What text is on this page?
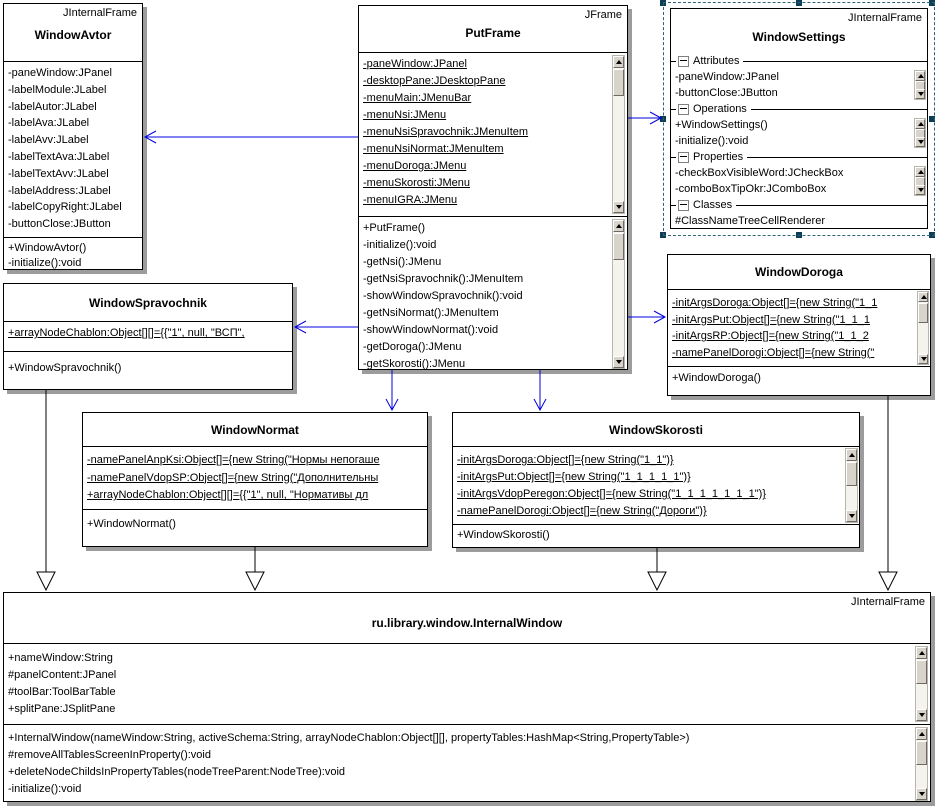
JInternalFrame
WindowAvtor
-paneWindow:JPanel
-labelModule:JLabel
-labelAutor:JLabel
-labelAva:JLabel
-labelAvv:JLabel
-labelTextAva:JLabel
-labelTextAvv:JLabel
-labelAddress:JLabel
-labelCopyRight:JLabel
-buttonClose:JButton
+WindowAvtor()
-initialize():void
JFrame
PutFrame
-paneWindow:JPanel
-desktopPane:JDesktopPane
-menuMain:JMenuBar
-menuNsi:JMenu
-menuNsiSpravochnik:JMenuItem
-menuNsiNormat:JMenuItem
-menuDoroga:JMenu
-menuSkorosti:JMenu
-menuIGRA:JMenu
+PutFrame()
-initialize():void
-getNsi():JMenu
-getNsiSpravochnik():JMenuItem
-showWindowSpravochnik():void
-getNsiNormat():JMenuItem
-showWindowNormat():void
-getDoroga():JMenu
-getSkorosti():JMenu
JInternalFrame
WindowSettings
Attributes
-paneWindow:JPanel
-buttonClose:JButton
Operations
+WindowSettings()
-initialize():void
Properties
-checkBoxVisibleWord:JCheckBox
-comboBoxTipOkr:JComboBox
Classes
#ClassNameTreeCellRenderer
WindowSpravochnik
+arrayNodeChablon:Object[][]={{"1", null, "ВСП",
+WindowSpravochnik()
WindowDoroga
-initArgsDoroga:Object[]={new String("1_1
-initArgsPut:Object[]={new String("1_1_1
-initArgsRP:Object[]={new String("1_1_2
-namePanelDorogi:Object[]={new String("
+WindowDoroga()
WindowNormat
-namePanelAnpKsi:Object[]={new String("Нормы непогаше
-namePanelVdopSP:Object[]={new String("Дополнительны
+arrayNodeChablon:Object[][]={{"1", null, "Нормативы дл
+WindowNormat()
WindowSkorosti
-initArgsDoroga:Object[]={new String("1_1")}
-initArgsPut:Object[]={new String("1_1_1_1_1")}
-initArgsVdopPeregon:Object[]={new String("1_1_1_1_1_1_1")}
-namePanelDorogi:Object[]={new String("Дороги")}
+WindowSkorosti()
JInternalFrame
ru.library.window.InternalWindow
+nameWindow:String
#panelContent:JPanel
#toolBar:ToolBarTable
+splitPane:JSplitPane
+InternalWindow(nameWindow:String, activeSchema:String, arrayNodeChablon:Object[][], propertyTables:HashMap<String,PropertyTable>)
#removeAllTablesScreenInProperty():void
+deleteNodeChildsInPropertyTables(nodeTreeParent:NodeTree):void
-initialize():void
